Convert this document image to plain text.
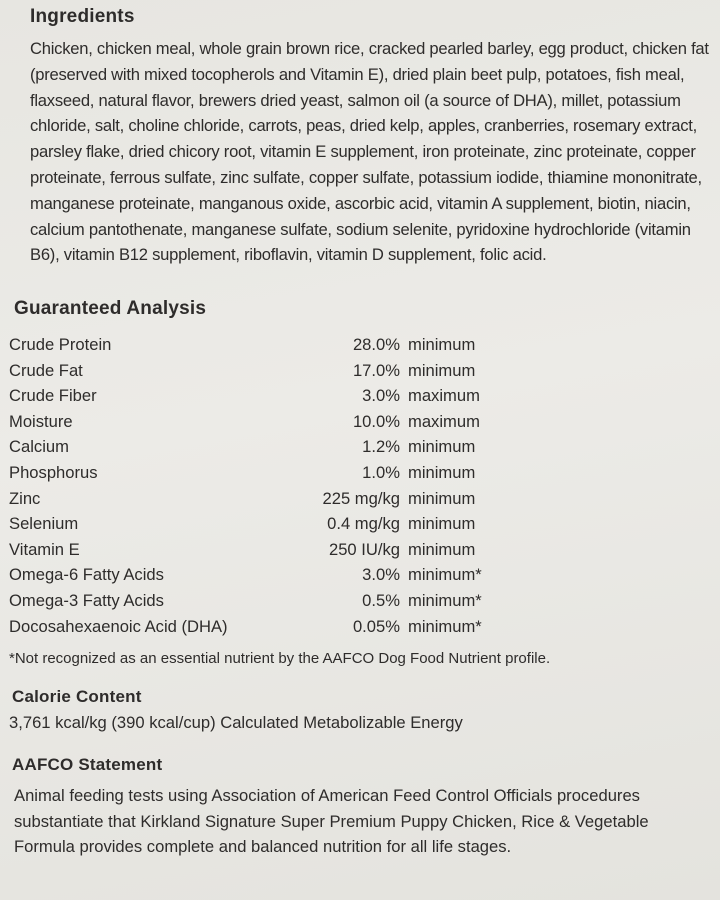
Ingredients

Chicken, chicken meal, whole grain brown rice, cracked pearled barley, egg product, chicken fat (preserved with mixed tocopherols and Vitamin E), dried plain beet pulp, potatoes, fish meal, flaxseed, natural flavor, brewers dried yeast, salmon oil (a source of DHA), millet, potassium chloride, salt, choline chloride, carrots, peas, dried kelp, apples, cranberries, rosemary extract, parsley flake, dried chicory root, vitamin E supplement, iron proteinate, zinc proteinate, copper proteinate, ferrous sulfate, zinc sulfate, copper sulfate, potassium iodide, thiamine mononitrate, manganese proteinate, manganous oxide, ascorbic acid, vitamin A supplement, biotin, niacin, calcium pantothenate, manganese sulfate, sodium selenite, pyridoxine hydrochloride (vitamin B6), vitamin B12 supplement, riboflavin, vitamin D supplement, folic acid.

Guaranteed Analysis
Crude Protein	28.0% minimum
Crude Fat	17.0% minimum
Crude Fiber	3.0% maximum
Moisture	10.0% maximum
Calcium	1.2% minimum
Phosphorus	1.0% minimum
Zinc	225 mg/kg minimum
Selenium	0.4 mg/kg minimum
Vitamin E	250 IU/kg minimum
Omega-6 Fatty Acids	3.0% minimum*
Omega-3 Fatty Acids	0.5% minimum*
Docosahexaenoic Acid (DHA)	0.05% minimum*

*Not recognized as an essential nutrient by the AAFCO Dog Food Nutrient profile.

Calorie Content

3,761 kcal/kg (390 kcal/cup) Calculated Metabolizable Energy

AAFCO Statement

Animal feeding tests using Association of American Feed Control Officials procedures substantiate that Kirkland Signature Super Premium Puppy Chicken, Rice & Vegetable Formula provides complete and balanced nutrition for all life stages.
